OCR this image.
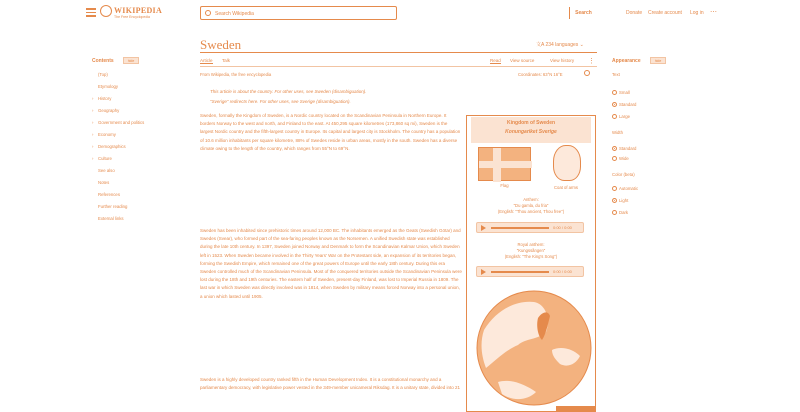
WIKIPEDIA
The Free Encyclopedia
Search Wikipedia
Search	Donate Create account Log in ⋯
Contents	hide
(Top)
Etymology
› History
› Geography
› Government and politics
› Economy
› Demographics
› Culture
See also
Notes
References
Further reading
External links
Sweden	文A 234 languages ⌄
Article Talk	Read View source	View history ⋮
From Wikipedia, the free encyclopedia	Coordinates: 63°N 16°E
Appearance	hide
Text
Small
Standard
Large
Width
Standard
Wide
Color (beta)
Automatic
Light
Dark
This article is about the country. For other uses, see Sweden (disambiguation).
"Sverige" redirects here. For other uses, see Sverige (disambiguation).
Sweden, formally the Kingdom of Sweden, is a Nordic country located on the Scandinavian Peninsula in Northern Europe. It borders Norway to the west and north, and Finland to the east. At 450,295 square kilometres (173,860 sq mi), Sweden is the largest Nordic country and the fifth-largest country in Europe. Its capital and largest city is Stockholm. The country has a population of 10.6 million inhabitants per square kilometre, 88% of Swedes reside in urban areas, mostly in the south. Sweden has a diverse climate owing to the length of the country, which ranges from 55°N to 69°N.
Sweden has been inhabited since prehistoric times around 12,000 BC. The inhabitants emerged as the Geats (Swedish Götar) and Swedes (Svear), who formed part of the sea-faring peoples known as the Norsemen. A unified Swedish state was established during the late 10th century. In 1397, Sweden joined Norway and Denmark to form the Scandinavian Kalmar Union, which Sweden left in 1523. When Sweden became involved in the Thirty Years' War on the Protestant side, an expansion of its territories began, forming the Swedish Empire, which remained one of the great powers of Europe until the early 18th century. During this era Sweden controlled much of the Scandinavian Peninsula. Most of the conquered territories outside the Scandinavian Peninsula were lost during the 18th and 19th centuries. The eastern half of Sweden, present-day Finland, was lost to Imperial Russia in 1809. The last war in which Sweden was directly involved was in 1814, when Sweden by military means forced Norway into a personal union, a union which lasted until 1905.
Sweden is a highly developed country ranked fifth in the Human Development Index. It is a constitutional monarchy and a parliamentary democracy, with legislative power vested in the 349-member unicameral Riksdag. It is a unitary state, divided into 21
Kingdom of Sweden
Konungariket Sverige
Flag	Coat of arms
Anthem:
"Du gamla, du fria"
(English: "Thou ancient, Thou free")
0:00 / 0:00
Royal anthem:
"Kungssången"
(English: "The King's Song")
0:00 / 0:00
